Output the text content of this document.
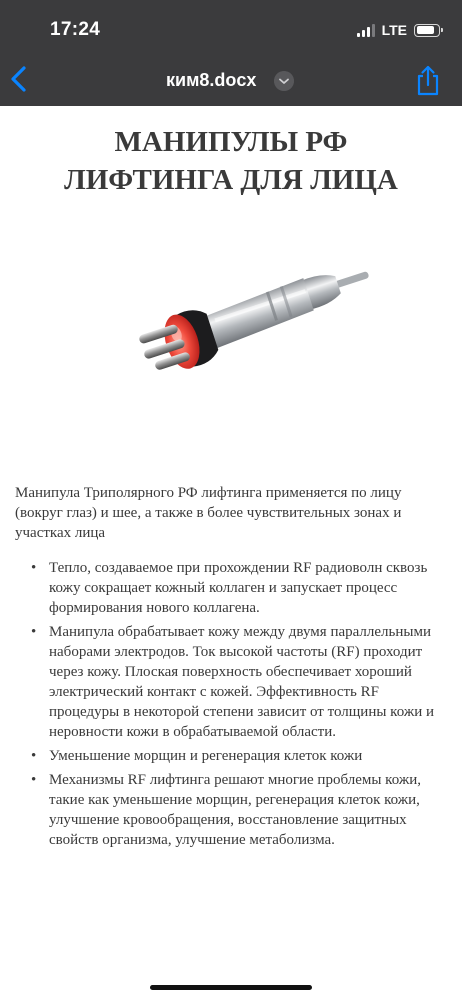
17:24	LTE
ким8.docx
МАНИПУЛЫ РФ
ЛИФТИНГА ДЛЯ ЛИЦА

Манипула Триполярного РФ лифтинга применяется по лицу (вокруг глаз) и шее, а также в более чувствительных зонах и участках лица

• Тепло, создаваемое при прохождении RF радиоволн сквозь кожу сокращает кожный коллаген и запускает процесс формирования нового коллагена.
• Манипула обрабатывает кожу между двумя параллельными наборами электродов. Ток высокой частоты (RF) проходит через кожу. Плоская поверхность обеспечивает хороший электрический контакт с кожей. Эффективность RF процедуры в некоторой степени зависит от толщины кожи и неровности кожи в обрабатываемой области.
• Уменьшение морщин и регенерация клеток кожи
• Механизмы RF лифтинга решают многие проблемы кожи, такие как уменьшение морщин, регенерация клеток кожи, улучшение кровообращения, восстановление защитных свойств организма, улучшение метаболизма.
